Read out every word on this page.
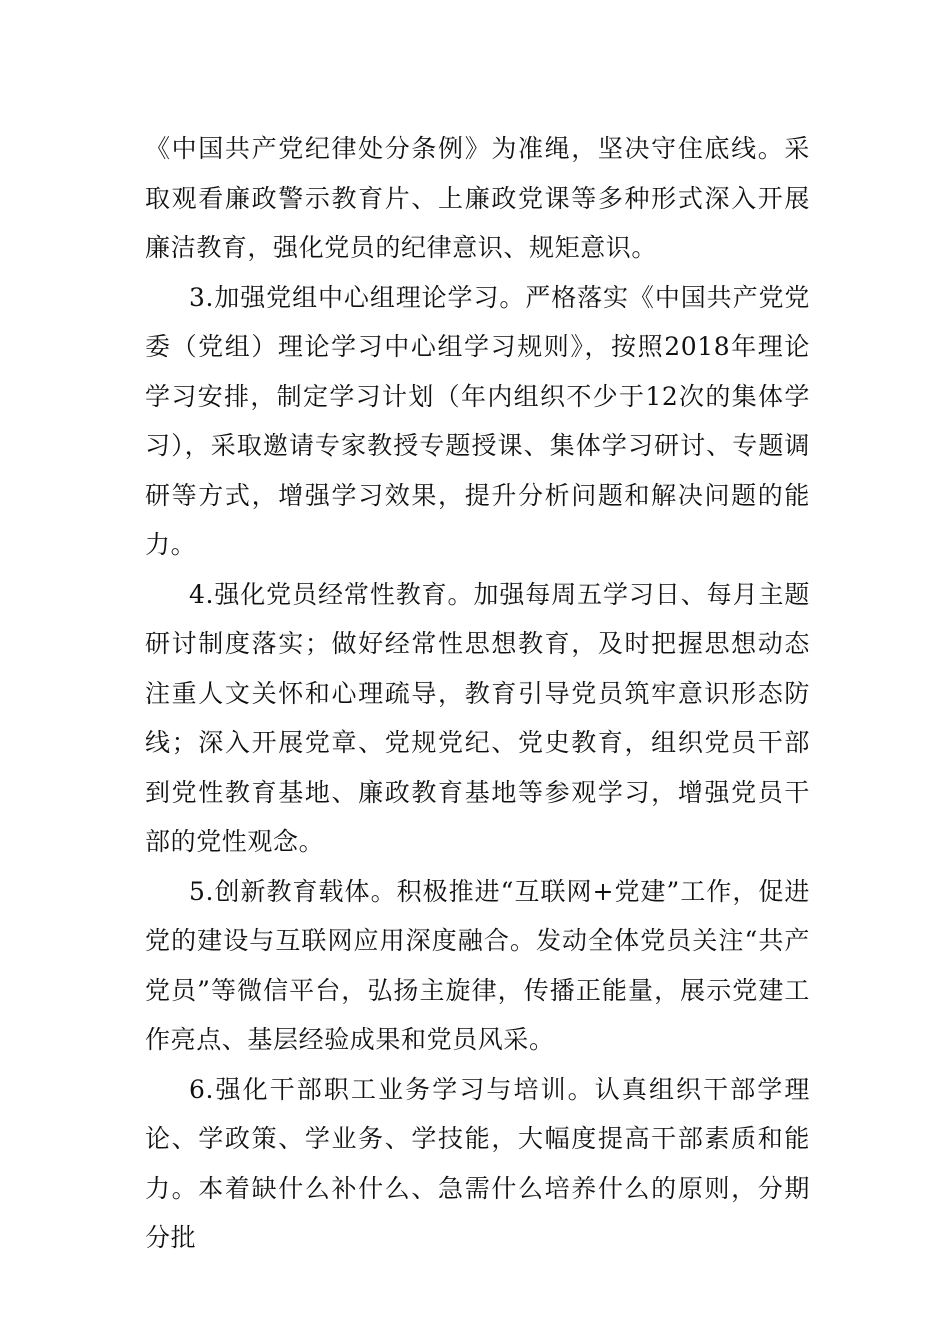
《中国共产党纪律处分条例》为准绳，坚决守住底线。采取观看廉政警示教育片、上廉政党课等多种形式深入开展廉洁教育，强化党员的纪律意识、规矩意识。

3.加强党组中心组理论学习。严格落实《中国共产党党委（党组）理论学习中心组学习规则》，按照2018年理论学习安排，制定学习计划（年内组织不少于12次的集体学习），采取邀请专家教授专题授课、集体学习研讨、专题调研等方式，增强学习效果，提升分析问题和解决问题的能力。

4.强化党员经常性教育。加强每周五学习日、每月主题研讨制度落实；做好经常性思想教育，及时把握思想动态注重人文关怀和心理疏导，教育引导党员筑牢意识形态防线；深入开展党章、党规党纪、党史教育，组织党员干部到党性教育基地、廉政教育基地等参观学习，增强党员干部的党性观念。

5.创新教育载体。积极推进“互联网+党建”工作，促进党的建设与互联网应用深度融合。发动全体党员关注“共产党员”等微信平台，弘扬主旋律，传播正能量，展示党建工作亮点、基层经验成果和党员风采。

6.强化干部职工业务学习与培训。认真组织干部学理论、学政策、学业务、学技能，大幅度提高干部素质和能力。本着缺什么补什么、急需什么培养什么的原则，分期分批
